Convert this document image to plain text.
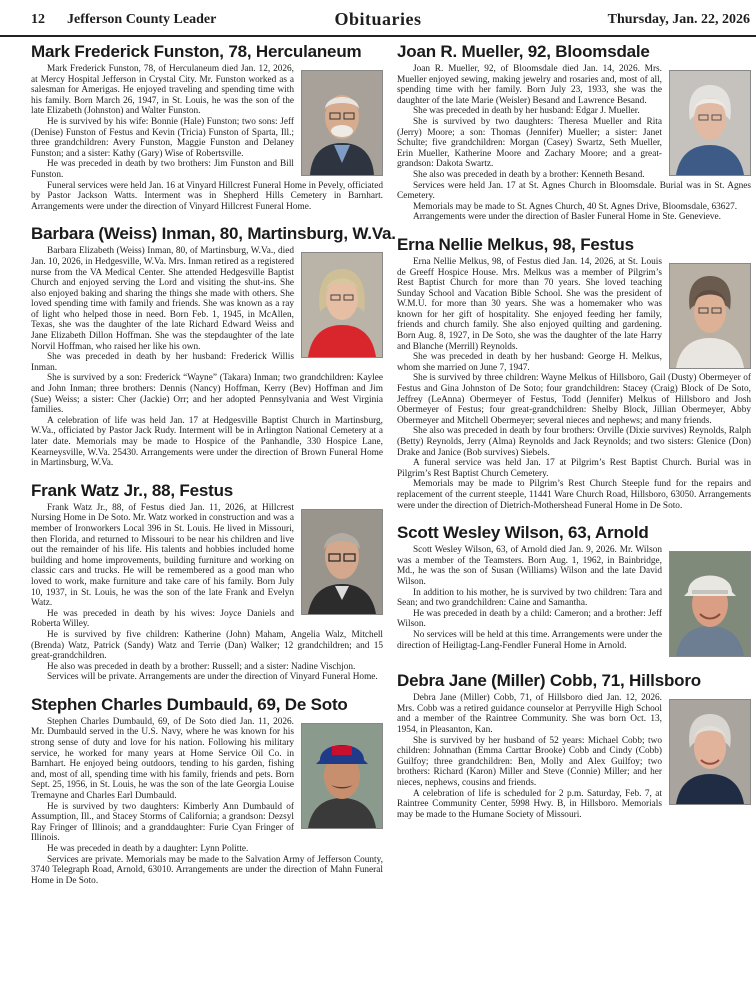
12 Jefferson County Leader	Obituaries	Thursday, Jan. 22, 2026
Mark Frederick Funston, 78, Herculaneum

Mark Frederick Funston, 78, of Herculaneum died Jan. 12, 2026, at Mercy Hospital Jefferson in Crystal City. Mr. Funston worked as a salesman for Amerigas. He enjoyed traveling and spending time with his family. Born March 26, 1947, in St. Louis, he was the son of the late Elizabeth (Johnston) and Walter Funston.

He is survived by his wife: Bonnie (Hale) Funston; two sons: Jeff (Denise) Funston of Festus and Kevin (Tricia) Funston of Sparta, Ill.; three grandchildren: Avery Funston, Maggie Funston and Delaney Funston; and a sister: Kathy (Gary) Wise of Robertsville.

He was preceded in death by two brothers: Jim Funston and Bill Funston.

Funeral services were held Jan. 16 at Vinyard Hillcrest Funeral Home in Pevely, officiated by Pastor Jackson Watts. Interment was in Shepherd Hills Cemetery in Barnhart. Arrangements were under the direction of Vinyard Hillcrest Funeral Home.

Barbara (Weiss) Inman, 80, Martinsburg, W.Va.

Barbara Elizabeth (Weiss) Inman, 80, of Martinsburg, W.Va., died Jan. 10, 2026, in Hedgesville, W.Va. Mrs. Inman retired as a registered nurse from the VA Medical Center. She attended Hedgesville Baptist Church and enjoyed serving the Lord and visiting the shut-ins. She also enjoyed baking and sharing the things she made with others. She loved spending time with family and friends. She was known as a ray of light who helped those in need. Born Feb. 1, 1945, in McAllen, Texas, she was the daughter of the late Richard Edward Weiss and Jane Elizabeth Dillon Hoffman. She was the stepdaughter of the late Norvil Hoffman, who raised her like his own.

She was preceded in death by her husband: Frederick Willis Inman.

She is survived by a son: Frederick “Wayne” (Takara) Inman; two grandchildren: Kaylee and John Inman; three brothers: Dennis (Nancy) Hoffman, Kerry (Bev) Hoffman and Jim (Sue) Weiss; a sister: Cher (Jackie) Orr; and her adopted Pennsylvania and West Virginia families.

A celebration of life was held Jan. 17 at Hedgesville Baptist Church in Martinsburg, W.Va., officiated by Pastor Jack Rudy. Interment will be in Arlington National Cemetery at a later date. Memorials may be made to Hospice of the Panhandle, 330 Hospice Lane, Kearneysville, W.Va. 25430. Arrangements were under the direction of Brown Funeral Home in Martinsburg, W.Va.

Frank Watz Jr., 88, Festus

Frank Watz Jr., 88, of Festus died Jan. 11, 2026, at Hillcrest Nursing Home in De Soto. Mr. Watz worked in construction and was a member of Ironworkers Local 396 in St. Louis. He lived in Missouri, then Florida, and returned to Missouri to be near his children and live out the remainder of his life. His talents and hobbies included home building and home improvements, building furniture and working on classic cars and trucks. He will be remembered as a good man who loved to work, make furniture and take care of his family. Born July 10, 1937, in St. Louis, he was the son of the late Frank and Evelyn Watz.

He was preceded in death by his wives: Joyce Daniels and Roberta Willey.

He is survived by five children: Katherine (John) Maham, Angelia Walz, Mitchell (Brenda) Watz, Patrick (Sandy) Watz and Terrie (Dan) Walker; 12 grandchildren; and 15 great-grandchildren.

He also was preceded in death by a brother: Russell; and a sister: Nadine Vischjon.

Services will be private. Arrangements are under the direction of Vinyard Funeral Home.

Stephen Charles Dumbauld, 69, De Soto

Stephen Charles Dumbauld, 69, of De Soto died Jan. 11, 2026. Mr. Dumbauld served in the U.S. Navy, where he was known for his strong sense of duty and love for his nation. Following his military service, he worked for many years at Home Service Oil Co. in Barnhart. He enjoyed being outdoors, tending to his garden, fishing and, most of all, spending time with his family, friends and pets. Born Sept. 25, 1956, in St. Louis, he was the son of the late Georgia Louise Tremayne and Charles Earl Dumbauld.

He is survived by two daughters: Kimberly Ann Dumbauld of Assumption, Ill., and Stacey Storms of California; a grandson: Dezsyl Ray Fringer of Illinois; and a granddaughter: Furie Cyan Fringer of Illinois.

He was preceded in death by a daughter: Lynn Politte.

Services are private. Memorials may be made to the Salvation Army of Jefferson County, 3740 Telegraph Road, Arnold, 63010. Arrangements are under the direction of Mahn Funeral Home in De Soto.

Joan R. Mueller, 92, Bloomsdale

Joan R. Mueller, 92, of Bloomsdale died Jan. 14, 2026. Mrs. Mueller enjoyed sewing, making jewelry and rosaries and, most of all, spending time with her family. Born July 23, 1933, she was the daughter of the late Marie (Weisler) Besand and Lawrence Besand.

She was preceded in death by her husband: Edgar J. Mueller.

She is survived by two daughters: Theresa Mueller and Rita (Jerry) Moore; a son: Thomas (Jennifer) Mueller; a sister: Janet Schulte; five grandchildren: Morgan (Casey) Swartz, Seth Mueller, Erin Mueller, Katherine Moore and Zachary Moore; and a great-grandson: Dakota Swartz.

She also was preceded in death by a brother: Kenneth Besand.

Services were held Jan. 17 at St. Agnes Church in Bloomsdale. Burial was in St. Agnes Cemetery.

Memorials may be made to St. Agnes Church, 40 St. Agnes Drive, Bloomsdale, 63627.

Arrangements were under the direction of Basler Funeral Home in Ste. Genevieve.

Erna Nellie Melkus, 98, Festus

Erna Nellie Melkus, 98, of Festus died Jan. 14, 2026, at St. Louis de Greeff Hospice House. Mrs. Melkus was a member of Pilgrim’s Rest Baptist Church for more than 70 years. She loved teaching Sunday School and Vacation Bible School. She was the president of W.M.U. for more than 30 years. She was a homemaker who was known for her gift of hospitality. She enjoyed feeding her family, friends and church family. She also enjoyed quilting and gardening. Born Aug. 8, 1927, in De Soto, she was the daughter of the late Harry and Blanche (Merrill) Reynolds.

She was preceded in death by her husband: George H. Melkus, whom she married on June 7, 1947.

She is survived by three children: Wayne Melkus of Hillsboro, Gail (Dusty) Obermeyer of Festus and Gina Johnston of De Soto; four grandchildren: Stacey (Craig) Block of De Soto, Jeffrey (LeAnna) Obermeyer of Festus, Todd (Jennifer) Melkus of Hillsboro and Josh Obermeyer of Festus; four great-grandchildren: Shelby Block, Jillian Obermeyer, Abby Obermeyer and Mitchell Obermeyer; several nieces and nephews; and many friends.

She also was preceded in death by four brothers: Orville (Dixie survives) Reynolds, Ralph (Betty) Reynolds, Jerry (Alma) Reynolds and Jack Reynolds; and two sisters: Glenice (Don) Drake and Janice (Bob survives) Siebels.

A funeral service was held Jan. 17 at Pilgrim’s Rest Baptist Church. Burial was in Pilgrim’s Rest Baptist Church Cemetery.

Memorials may be made to Pilgrim’s Rest Church Steeple fund for the repairs and replacement of the current steeple, 11441 Ware Church Road, Hillsboro, 63050. Arrangements were under the direction of Dietrich-Mothershead Funeral Home in De Soto.

Scott Wesley Wilson, 63, Arnold

Scott Wesley Wilson, 63, of Arnold died Jan. 9, 2026. Mr. Wilson was a member of the Teamsters. Born Aug. 1, 1962, in Bainbridge, Md., he was the son of Susan (Williams) Wilson and the late David Wilson.

In addition to his mother, he is survived by two children: Tara and Sean; and two grandchildren: Caine and Samantha.

He was preceded in death by a child: Cameron; and a brother: Jeff Wilson.

No services will be held at this time. Arrangements were under the direction of Heiligtag-Lang-Fendler Funeral Home in Arnold.

Debra Jane (Miller) Cobb, 71, Hillsboro

Debra Jane (Miller) Cobb, 71, of Hillsboro died Jan. 12, 2026. Mrs. Cobb was a retired guidance counselor at Perryville High School and a member of the Raintree Community. She was born Oct. 13, 1954, in Pleasanton, Kan.

She is survived by her husband of 52 years: Michael Cobb; two children: Johnathan (Emma Carttar Brooke) Cobb and Cindy (Cobb) Guilfoy; three grandchildren: Ben, Molly and Alex Guilfoy; two brothers: Richard (Karon) Miller and Steve (Connie) Miller; and her nieces, nephews, cousins and friends.

A celebration of life is scheduled for 2 p.m. Saturday, Feb. 7, at Raintree Community Center, 5998 Hwy. B, in Hillsboro. Memorials may be made to the Humane Society of Missouri.
